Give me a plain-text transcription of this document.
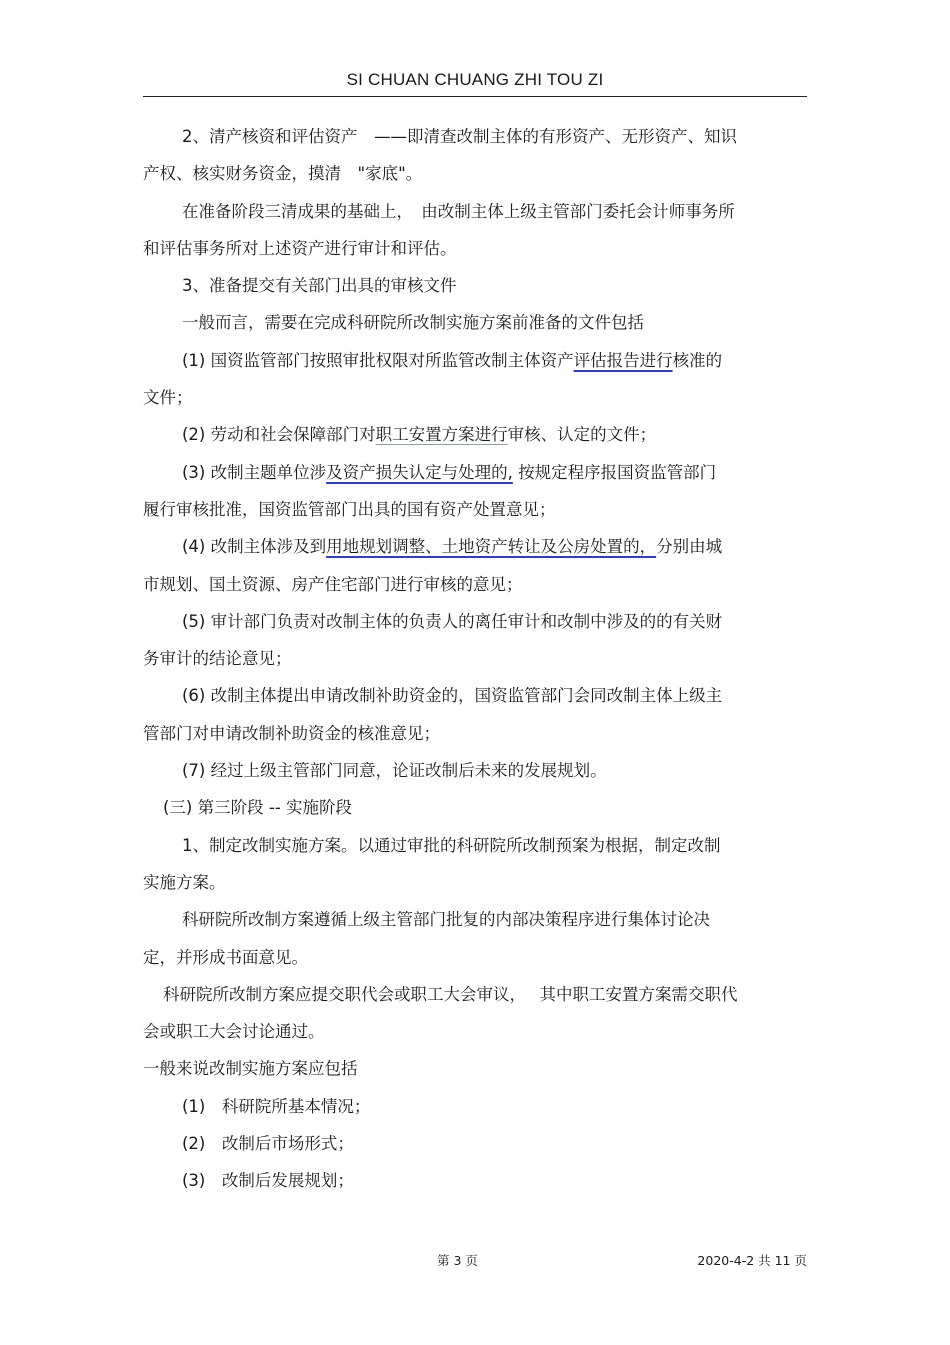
SI CHUAN CHUANG ZHI TOU ZI

2、清产核资和评估资产　——即清查改制主体的有形资产、无形资产、知识

产权、核实财务资金，摸清　"家底"。

在准备阶段三清成果的基础上，　由改制主体上级主管部门委托会计师事务所

和评估事务所对上述资产进行审计和评估。

3、准备提交有关部门出具的审核文件

一般而言，需要在完成科研院所改制实施方案前准备的文件包括

(1) 国资监管部门按照审批权限对所监管改制主体资产评估报告进行核准的

文件；

(2) 劳动和社会保障部门对职工安置方案进行审核、认定的文件；

(3) 改制主题单位涉及资产损失认定与处理的, 按规定程序报国资监管部门

履行审核批准，国资监管部门出具的国有资产处置意见；

(4) 改制主体涉及到用地规划调整、土地资产转让及公房处置的，分别由城

市规划、国土资源、房产住宅部门进行审核的意见；

(5) 审计部门负责对改制主体的负责人的离任审计和改制中涉及的的有关财

务审计的结论意见；

(6) 改制主体提出申请改制补助资金的，国资监管部门会同改制主体上级主

管部门对申请改制补助资金的核准意见；

(7) 经过上级主管部门同意，论证改制后未来的发展规划。

(三) 第三阶段 -- 实施阶段

1、制定改制实施方案。以通过审批的科研院所改制预案为根据，制定改制

实施方案。

科研院所改制方案遵循上级主管部门批复的内部决策程序进行集体讨论决

定，并形成书面意见。

科研院所改制方案应提交职代会或职工大会审议，　 其中职工安置方案需交职代

会或职工大会讨论通过。

一般来说改制实施方案应包括

(1)　科研院所基本情况；

(2)　改制后市场形式；

(3)　改制后发展规划；

第 3 页	2020-4-2 共 11 页
